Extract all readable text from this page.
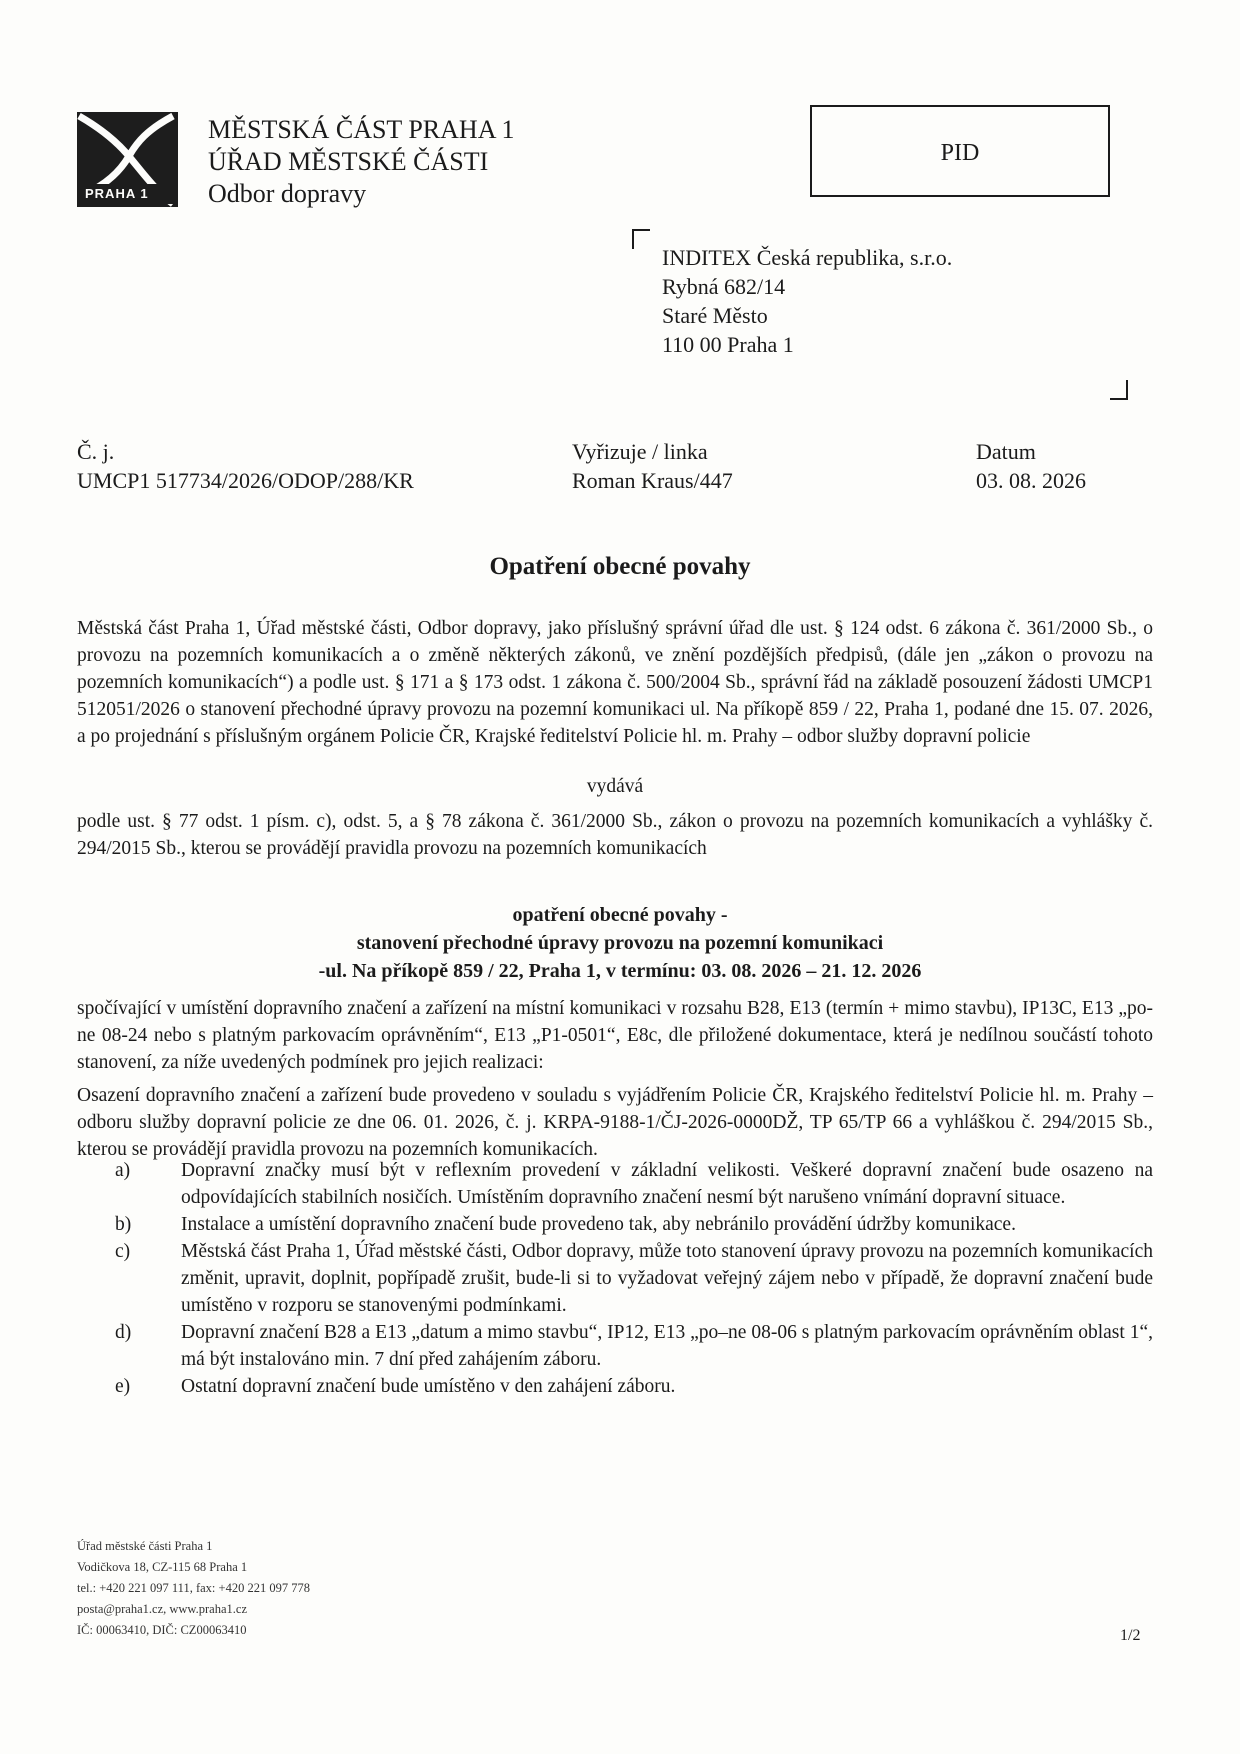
PRAHA 1
MĚSTSKÁ ČÁST PRAHA 1
ÚŘAD MĚSTSKÉ ČÁSTI
Odbor dopravy
PID
INDITEX Česká republika, s.r.o.
Rybná 682/14
Staré Město
110 00 Praha 1
Č. j.
UMCP1 517734/2026/ODOP/288/KR
Vyřizuje / linka
Roman Kraus/447
Datum
03. 08. 2026
Opatření obecné povahy
Městská část Praha 1, Úřad městské části, Odbor dopravy, jako příslušný správní úřad dle ust. § 124 odst. 6 zákona č. 361/2000 Sb., o provozu na pozemních komunikacích a o změně některých zákonů, ve znění pozdějších předpisů, (dále jen „zákon o provozu na pozemních komunikacích“) a podle ust. § 171 a § 173 odst. 1 zákona č. 500/2004 Sb., správní řád na základě posouzení žádosti UMCP1 512051/2026 o stanovení přechodné úpravy provozu na pozemní komunikaci ul. Na příkopě 859 / 22, Praha 1, podané dne 15. 07. 2026, a po projednání s příslušným orgánem Policie ČR, Krajské ředitelství Policie hl. m. Prahy – odbor služby dopravní policie
vydává
podle ust. § 77 odst. 1 písm. c), odst. 5, a § 78 zákona č. 361/2000 Sb., zákon o provozu na pozemních komunikacích a vyhlášky č. 294/2015 Sb., kterou se provádějí pravidla provozu na pozemních komunikacích
opatření obecné povahy -
stanovení přechodné úpravy provozu na pozemní komunikaci
-ul. Na příkopě 859 / 22, Praha 1, v termínu: 03. 08. 2026 – 21. 12. 2026
spočívající v umístění dopravního značení a zařízení na místní komunikaci v rozsahu B28, E13 (termín + mimo stavbu), IP13C, E13 „po-ne 08-24 nebo s platným parkovacím oprávněním“, E13 „P1-0501“, E8c, dle přiložené dokumentace, která je nedílnou součástí tohoto stanovení, za níže uvedených podmínek pro jejich realizaci:
Osazení dopravního značení a zařízení bude provedeno v souladu s vyjádřením Policie ČR, Krajského ředitelství Policie hl. m. Prahy – odboru služby dopravní policie ze dne 06. 01. 2026, č. j. KRPA-9188-1/ČJ-2026-0000DŽ, TP 65/TP 66 a vyhláškou č. 294/2015 Sb., kterou se provádějí pravidla provozu na pozemních komunikacích.
a)	Dopravní značky musí být v reflexním provedení v základní velikosti. Veškeré dopravní značení bude osazeno na odpovídajících stabilních nosičích. Umístěním dopravního značení nesmí být narušeno vnímání dopravní situace.
b)	Instalace a umístění dopravního značení bude provedeno tak, aby nebránilo provádění údržby komunikace.
c)	Městská část Praha 1, Úřad městské části, Odbor dopravy, může toto stanovení úpravy provozu na pozemních komunikacích změnit, upravit, doplnit, popřípadě zrušit, bude-li si to vyžadovat veřejný zájem nebo v případě, že dopravní značení bude umístěno v rozporu se stanovenými podmínkami.
d)	Dopravní značení B28 a E13 „datum a mimo stavbu“, IP12, E13 „po–ne 08-06 s platným parkovacím oprávněním oblast 1“, má být instalováno min. 7 dní před zahájením záboru.
e)	Ostatní dopravní značení bude umístěno v den zahájení záboru.
Úřad městské části Praha 1
Vodičkova 18, CZ-115 68 Praha 1
tel.: +420 221 097 111, fax: +420 221 097 778
posta@praha1.cz, www.praha1.cz
IČ: 00063410, DIČ: CZ00063410	1/2
